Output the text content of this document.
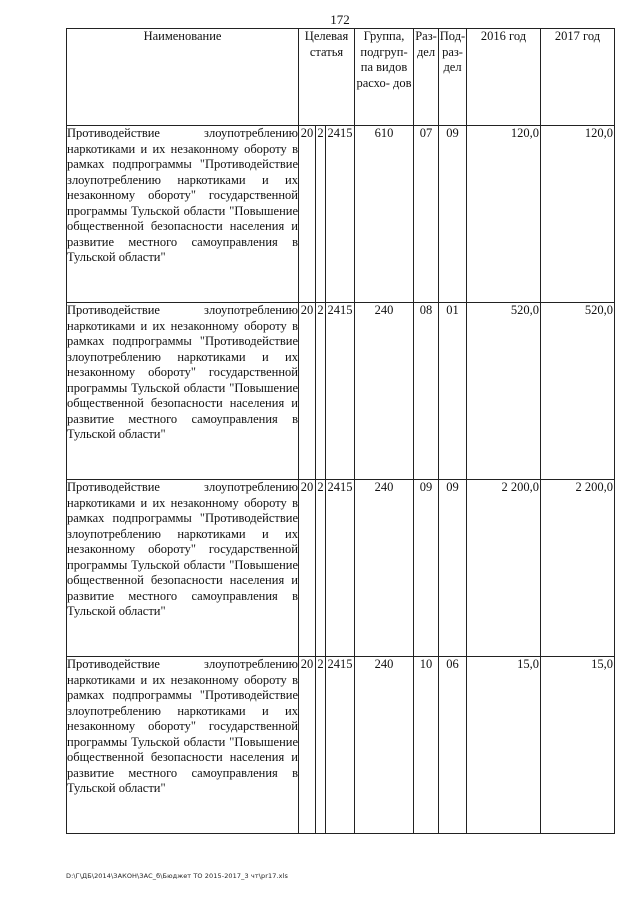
172
Наименование	Целевая статья			Группа, подгруп- па видов расхо- дов	Раз- дел	Под- раз- дел	2016 год	2017 год
Противодействие злоупотреблению наркотиками и их незаконному обороту в рамках подпрограммы "Противодействие злоупотреблению наркотиками и их незаконному обороту" государственной программы Тульской области "Повышение общественной безопасности населения и развитие местного самоуправления в Тульской области"	20	2	2415	610	07	09	120,0	120,0
Противодействие злоупотреблению наркотиками и их незаконному обороту в рамках подпрограммы "Противодействие злоупотреблению наркотиками и их незаконному обороту" государственной программы Тульской области "Повышение общественной безопасности населения и развитие местного самоуправления в Тульской области"	20	2	2415	240	08	01	520,0	520,0
Противодействие злоупотреблению наркотиками и их незаконному обороту в рамках подпрограммы "Противодействие злоупотреблению наркотиками и их незаконному обороту" государственной программы Тульской области "Повышение общественной безопасности населения и развитие местного самоуправления в Тульской области"	20	2	2415	240	09	09	2 200,0	2 200,0
Противодействие злоупотреблению наркотиками и их незаконному обороту в рамках подпрограммы "Противодействие злоупотреблению наркотиками и их незаконному обороту" государственной программы Тульской области "Повышение общественной безопасности населения и развитие местного самоуправления в Тульской области"	20	2	2415	240	10	06	15,0	15,0
D:\Г\ДБ\2014\ЗАКОН\ЗАС_б\Бюджет ТО 2015-2017_3 чт\pr17.xls
